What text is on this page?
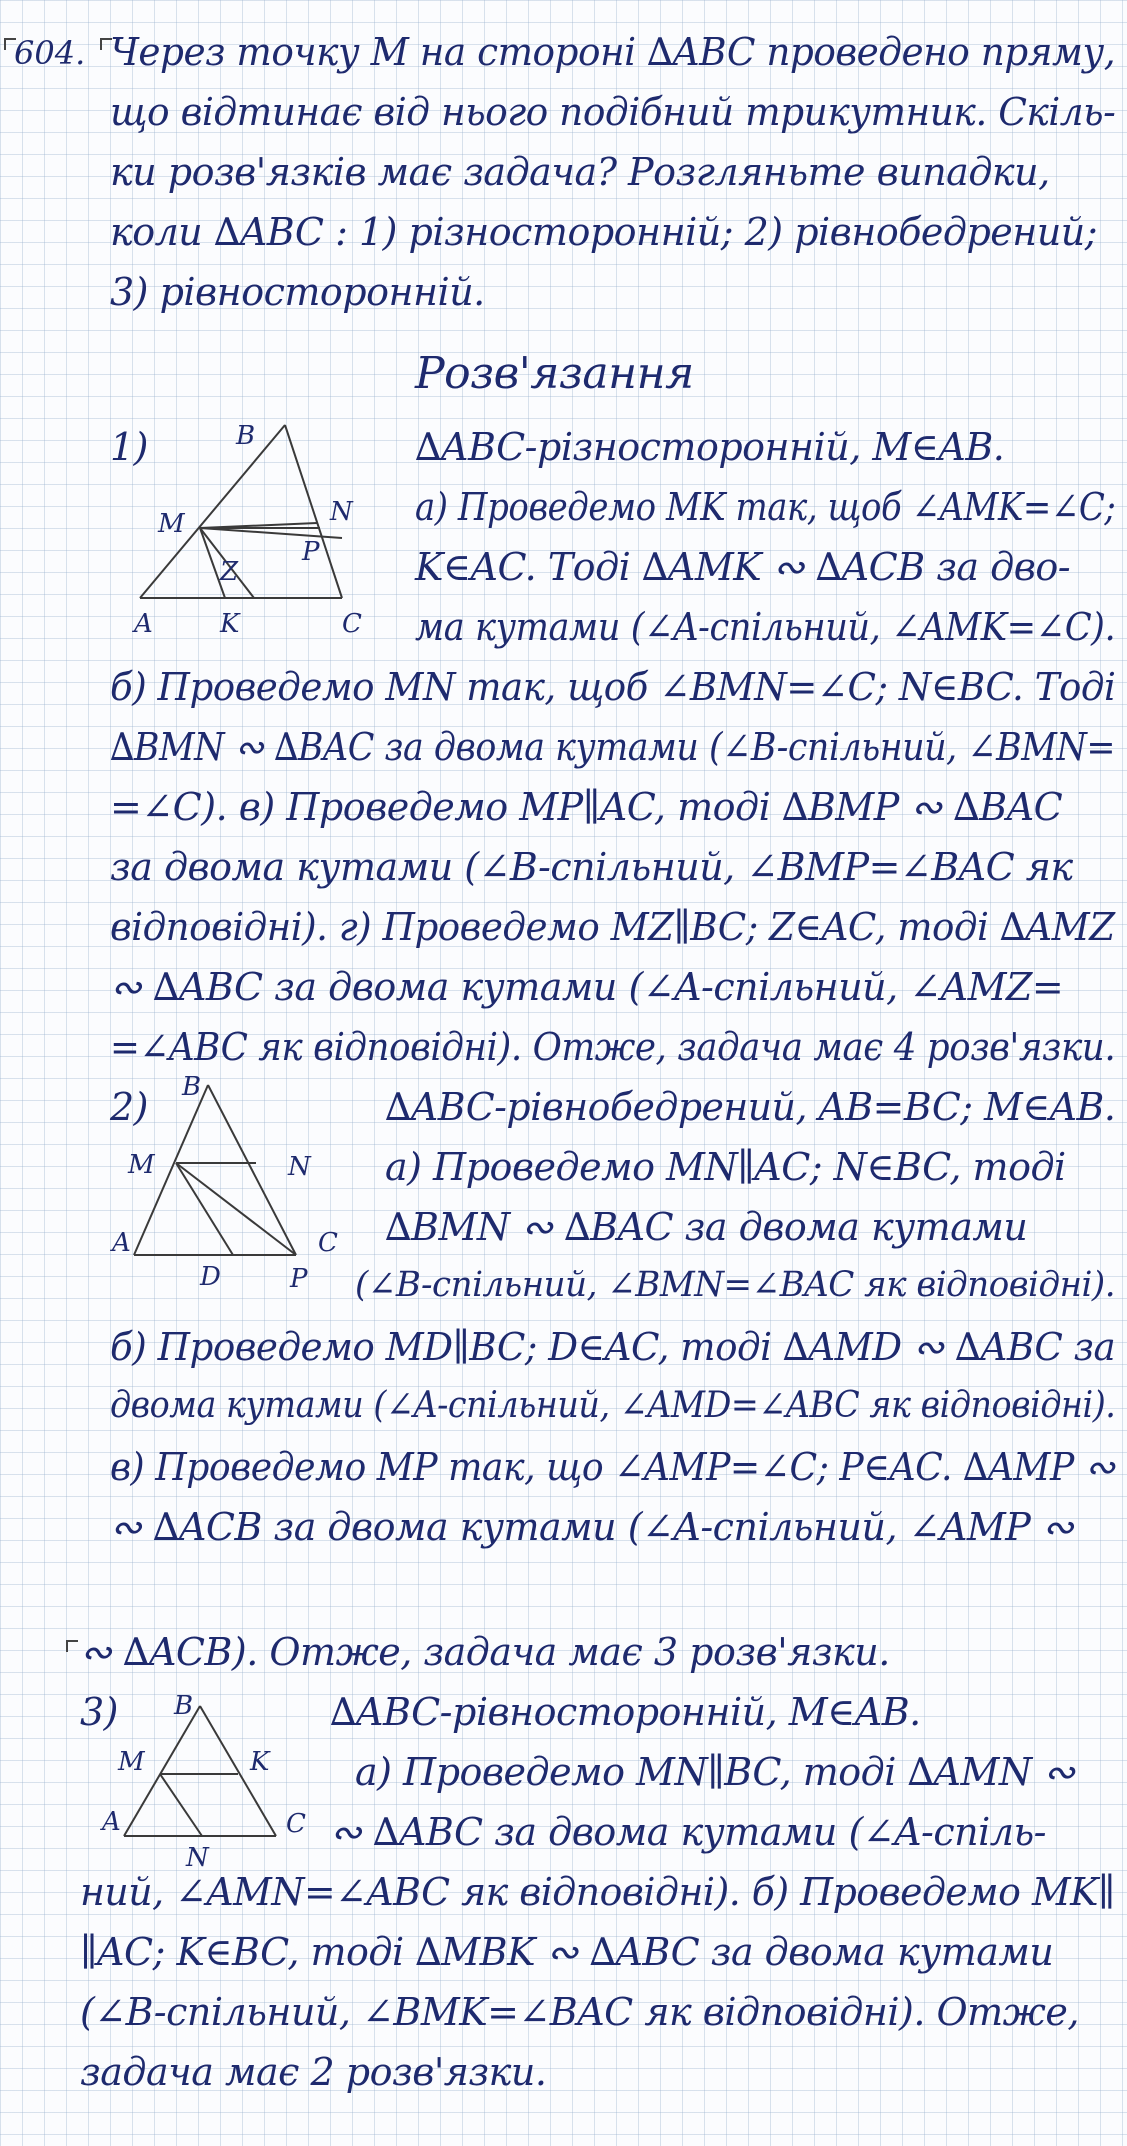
604. Через точку M на стороні ∆ABC проведено пряму,
що відтинає від нього подібний трикутник. Скіль-
ки розв'язків має задача? Розгляньте випадки,
коли ∆ABC : 1) різносторонній; 2) рівнобедрений;
3) рівносторонній.
Розв'язання
1)	B
M	N
P
Z
A	K	C
∆ABC-різносторонній, M∈AB.
а) Проведемо MK так, щоб ∠AMK=∠C;
K∈AC. Тоді ∆AMK ∾ ∆ACB за дво-
ма кутами (∠A-спільний, ∠AMK=∠C).
б) Проведемо MN так, щоб ∠BMN=∠C; N∈BC. Тоді
∆BMN ∾ ∆BAC за двома кутами (∠B-спільний, ∠BMN=
=∠C). в) Проведемо MP∥AC, тоді ∆BMP ∾ ∆BAC
за двома кутами (∠B-спільний, ∠BMP=∠BAC як
відповідні). г) Проведемо MZ∥BC; Z∈AC, тоді ∆AMZ
∾ ∆ABC за двома кутами (∠A-спільний, ∠AMZ=
=∠ABC як відповідні). Отже, задача має 4 розв'язки.
2) B
M	N
A
D	P
C
∆ABC-рівнобедрений, AB=BC; M∈AB.
а) Проведемо MN∥AC; N∈BC, тоді
∆BMN ∾ ∆BAC за двома кутами
(∠B-спільний, ∠BMN=∠BAC як відповідні).
б) Проведемо MD∥BC; D∈AC, тоді ∆AMD ∾ ∆ABC за
двома кутами (∠A-спільний, ∠AMD=∠ABC як відповідні).
в) Проведемо MP так, що ∠AMP=∠C; P∈AC. ∆AMP ∾
∾ ∆ACB за двома кутами (∠A-спільний, ∠AMP ∾
∾ ∆ACB). Отже, задача має 3 розв'язки.
3) B
M	K
A	C
N
∆ABC-рівносторонній, M∈AB.
а) Проведемо MN∥BC, тоді ∆AMN ∾
∾ ∆ABC за двома кутами (∠A-спіль-
ний, ∠AMN=∠ABC як відповідні). б) Проведемо MK∥
∥AC; K∈BC, тоді ∆MBK ∾ ∆ABC за двома кутами
(∠B-спільний, ∠BMK=∠BAC як відповідні). Отже,
задача має 2 розв'язки.
